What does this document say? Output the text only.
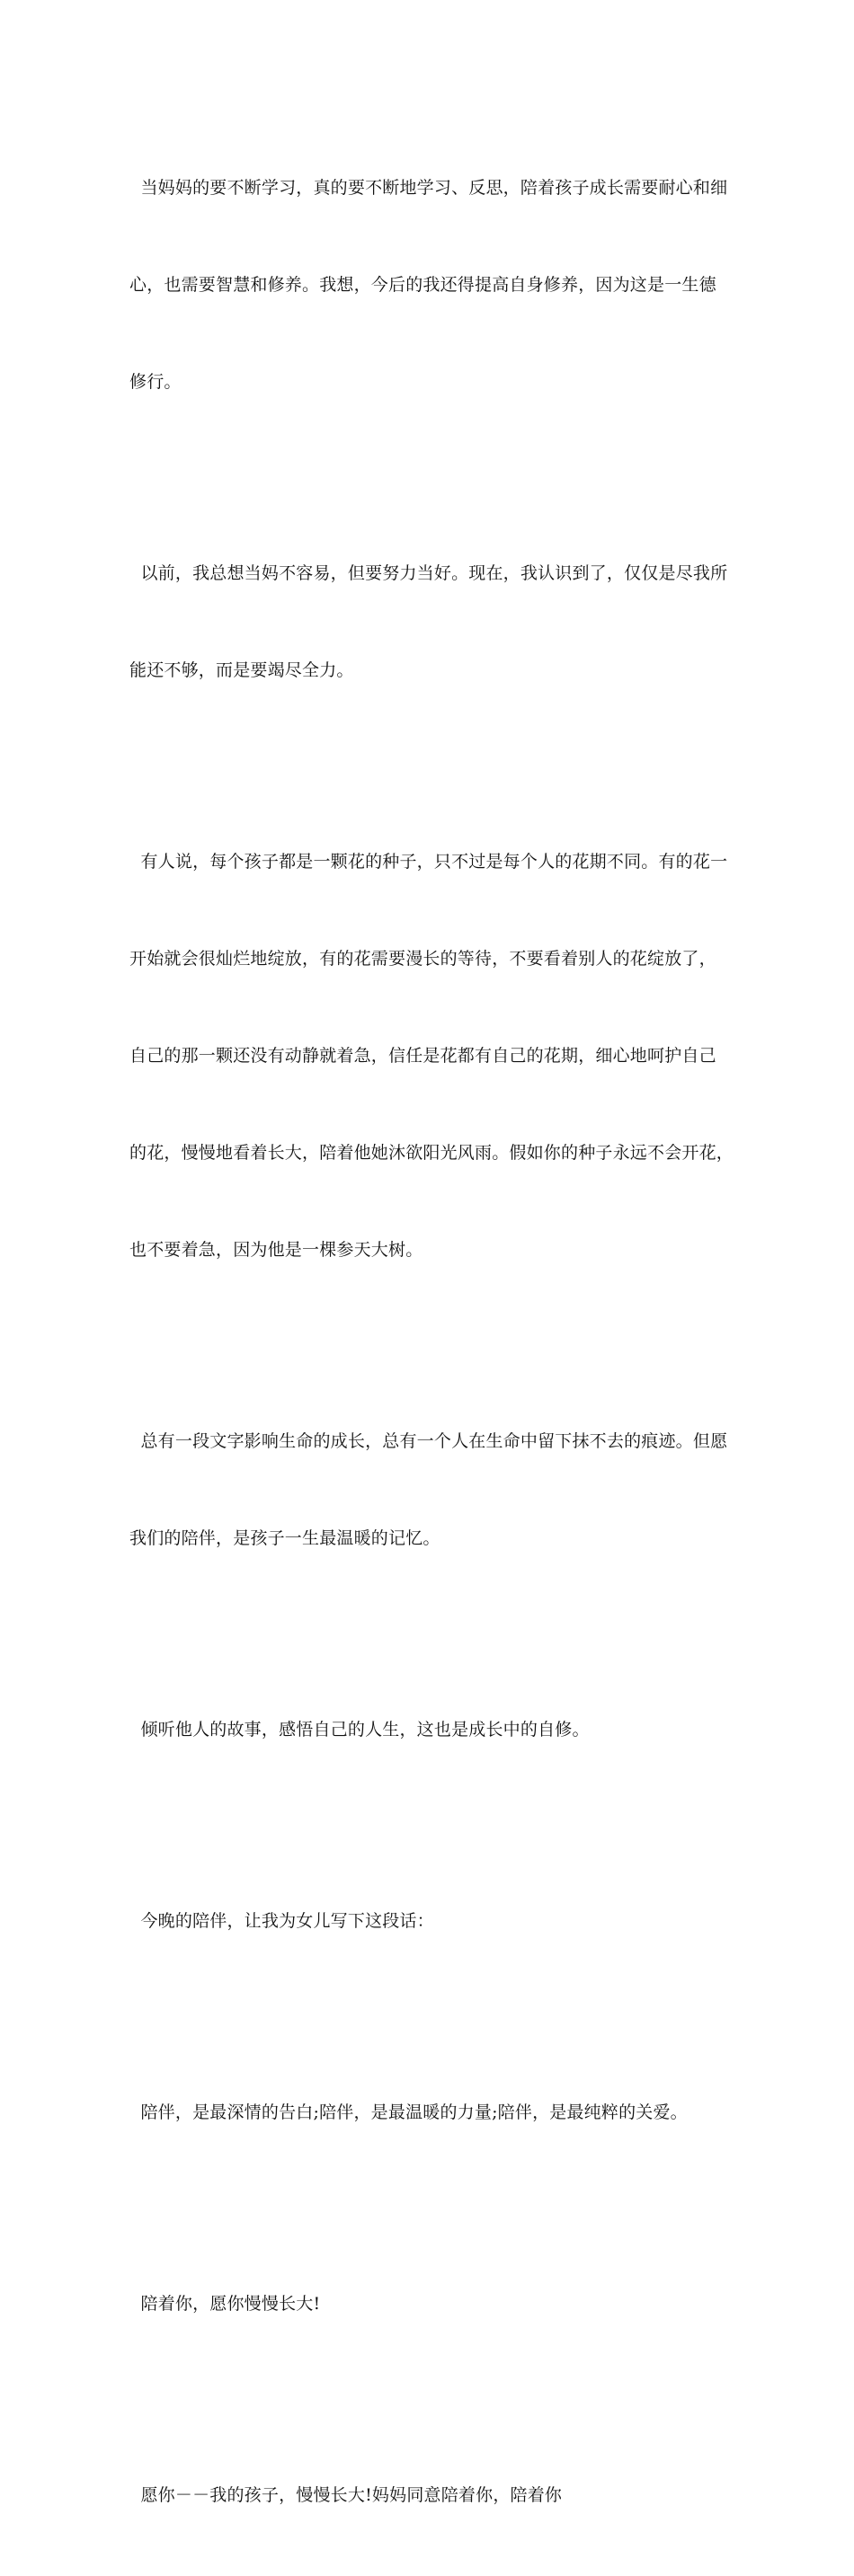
当妈妈的要不断学习，真的要不断地学习、反思，陪着孩子成长需要耐心和细

心，也需要智慧和修养。我想，今后的我还得提高自身修养，因为这是一生德

修行。

以前，我总想当妈不容易，但要努力当好。现在，我认识到了，仅仅是尽我所

能还不够，而是要竭尽全力。

有人说，每个孩子都是一颗花的种子，只不过是每个人的花期不同。有的花一

开始就会很灿烂地绽放，有的花需要漫长的等待，不要看着别人的花绽放了，

自己的那一颗还没有动静就着急，信任是花都有自己的花期，细心地呵护自己

的花，慢慢地看着长大，陪着他她沐欲阳光风雨。假如你的种子永远不会开花，

也不要着急，因为他是一棵参天大树。

总有一段文字影响生命的成长，总有一个人在生命中留下抹不去的痕迹。但愿

我们的陪伴，是孩子一生最温暖的记忆。

倾听他人的故事，感悟自己的人生，这也是成长中的自修。

今晚的陪伴，让我为女儿写下这段话：

陪伴，是最深情的告白;陪伴，是最温暖的力量;陪伴，是最纯粹的关爱。

陪着你，愿你慢慢长大!

愿你－－我的孩子，慢慢长大!妈妈同意陪着你，陪着你
